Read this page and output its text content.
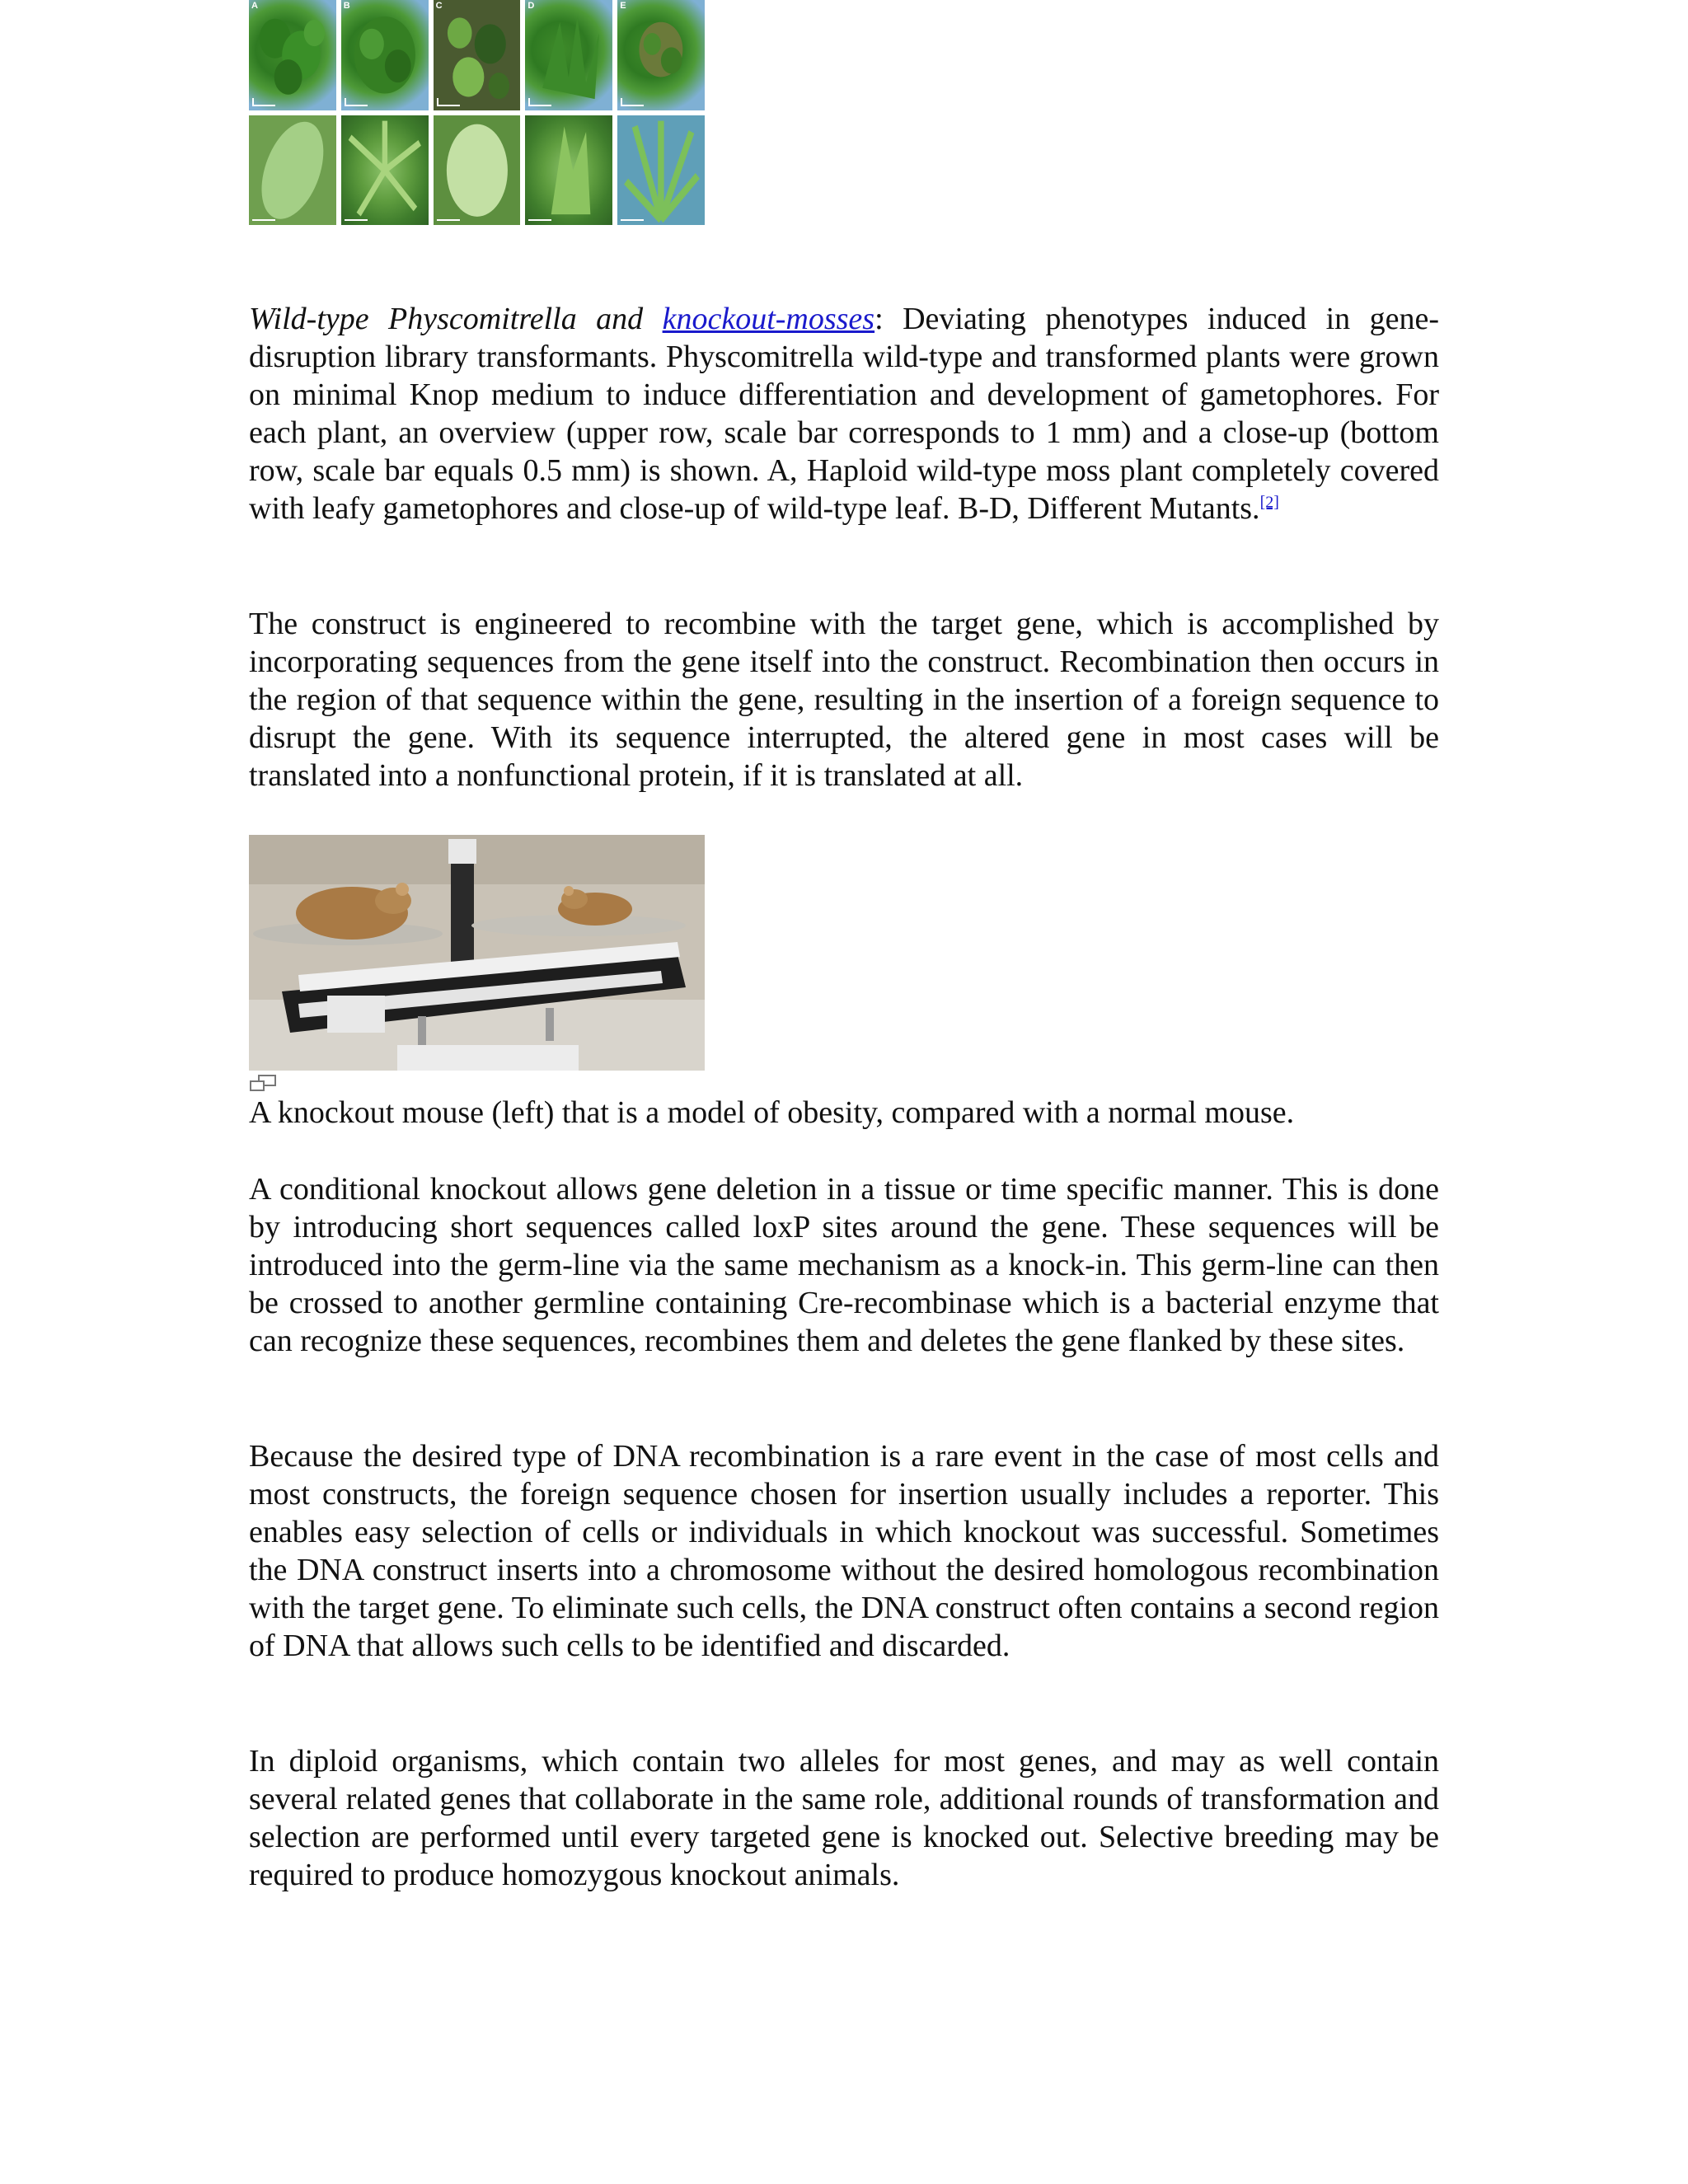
A	B	C	D	E

Wild-type Physcomitrella and knockout-mosses: Deviating phenotypes induced in gene-disruption library transformants. Physcomitrella wild-type and transformed plants were grown on minimal Knop medium to induce differentiation and development of gametophores. For each plant, an overview (upper row, scale bar corresponds to 1 mm) and a close-up (bottom row, scale bar equals 0.5 mm) is shown. A, Haploid wild-type moss plant completely covered with leafy gametophores and close-up of wild-type leaf. B-D, Different Mutants.[2]

The construct is engineered to recombine with the target gene, which is accomplished by incorporating sequences from the gene itself into the construct. Recombination then occurs in the region of that sequence within the gene, resulting in the insertion of a foreign sequence to disrupt the gene. With its sequence interrupted, the altered gene in most cases will be translated into a nonfunctional protein, if it is translated at all.

A knockout mouse (left) that is a model of obesity, compared with a normal mouse.

A conditional knockout allows gene deletion in a tissue or time specific manner. This is done by introducing short sequences called loxP sites around the gene. These sequences will be introduced into the germ-line via the same mechanism as a knock-in. This germ-line can then be crossed to another germline containing Cre-recombinase which is a bacterial enzyme that can recognize these sequences, recombines them and deletes the gene flanked by these sites.

Because the desired type of DNA recombination is a rare event in the case of most cells and most constructs, the foreign sequence chosen for insertion usually includes a reporter. This enables easy selection of cells or individuals in which knockout was successful. Sometimes the DNA construct inserts into a chromosome without the desired homologous recombination with the target gene. To eliminate such cells, the DNA construct often contains a second region of DNA that allows such cells to be identified and discarded.

In diploid organisms, which contain two alleles for most genes, and may as well contain several related genes that collaborate in the same role, additional rounds of transformation and selection are performed until every targeted gene is knocked out. Selective breeding may be required to produce homozygous knockout animals.
